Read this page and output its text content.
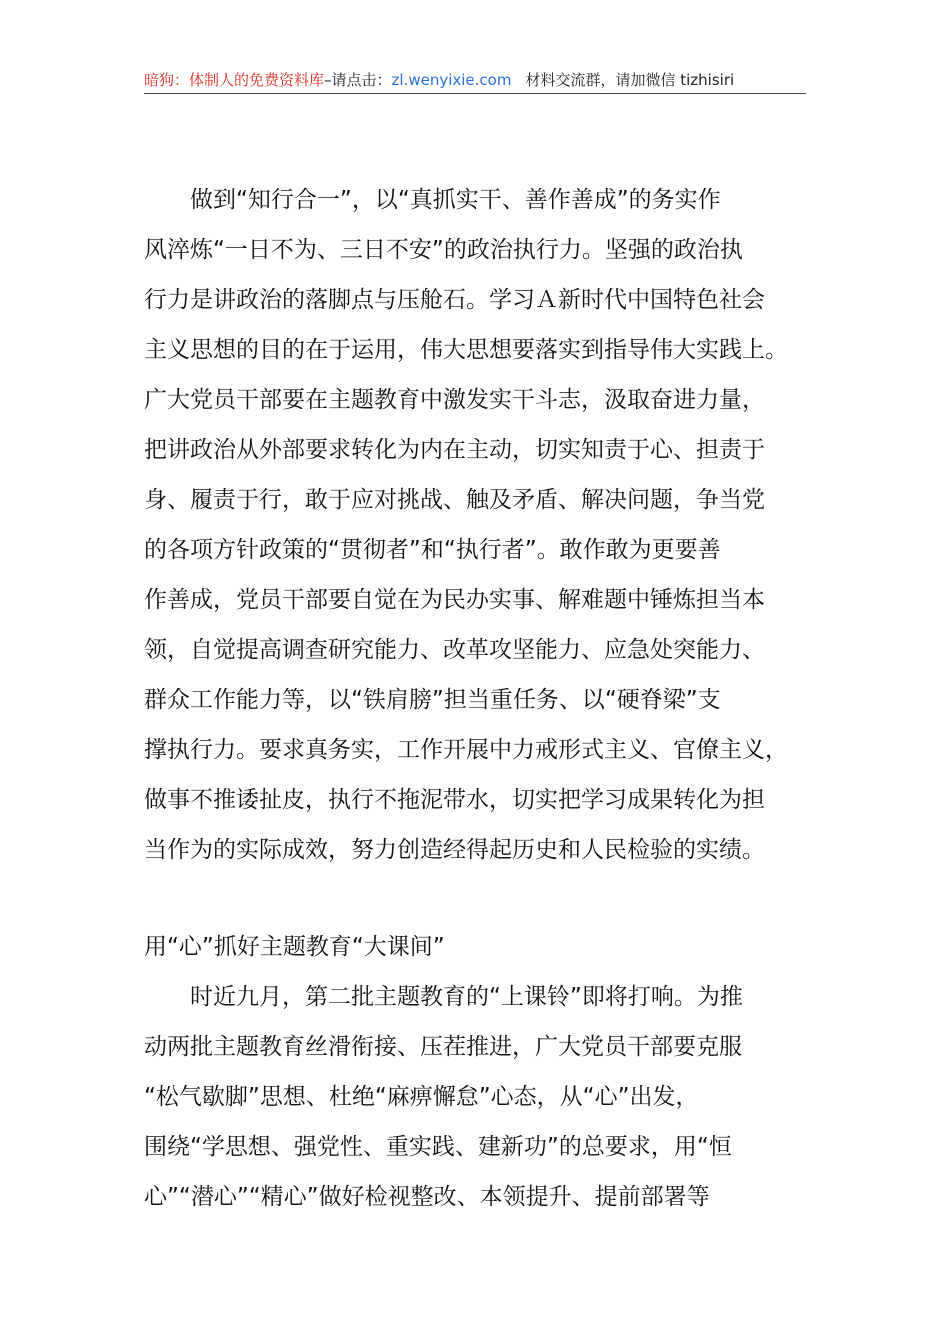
暗狗：体制人的免费资料库–请点击：zl.wenyixie.com 材料交流群，请加微信 tizhisiri
　　做到“知行合一”，以“真抓实干、善作善成”的务实作
风淬炼“一日不为、三日不安”的政治执行力。坚强的政治执
行力是讲政治的落脚点与压舱石。学习Ａ新时代中国特色社会
主义思想的目的在于运用，伟大思想要落实到指导伟大实践上。
广大党员干部要在主题教育中激发实干斗志，汲取奋进力量，
把讲政治从外部要求转化为内在主动，切实知责于心、担责于
身、履责于行，敢于应对挑战、触及矛盾、解决问题，争当党
的各项方针政策的“贯彻者”和“执行者”。敢作敢为更要善
作善成，党员干部要自觉在为民办实事、解难题中锤炼担当本
领，自觉提高调查研究能力、改革攻坚能力、应急处突能力、
群众工作能力等，以“铁肩膀”担当重任务、以“硬脊梁”支
撑执行力。要求真务实，工作开展中力戒形式主义、官僚主义，
做事不推诿扯皮，执行不拖泥带水，切实把学习成果转化为担
当作为的实际成效，努力创造经得起历史和人民检验的实绩。
用“心”抓好主题教育“大课间”
　　时近九月，第二批主题教育的“上课铃”即将打响。为推
动两批主题教育丝滑衔接、压茬推进，广大党员干部要克服
“松气歇脚”思想、杜绝“麻痹懈怠”心态，从“心”出发，
围绕“学思想、强党性、重实践、建新功”的总要求，用“恒
心”“潜心”“精心”做好检视整改、本领提升、提前部署等
